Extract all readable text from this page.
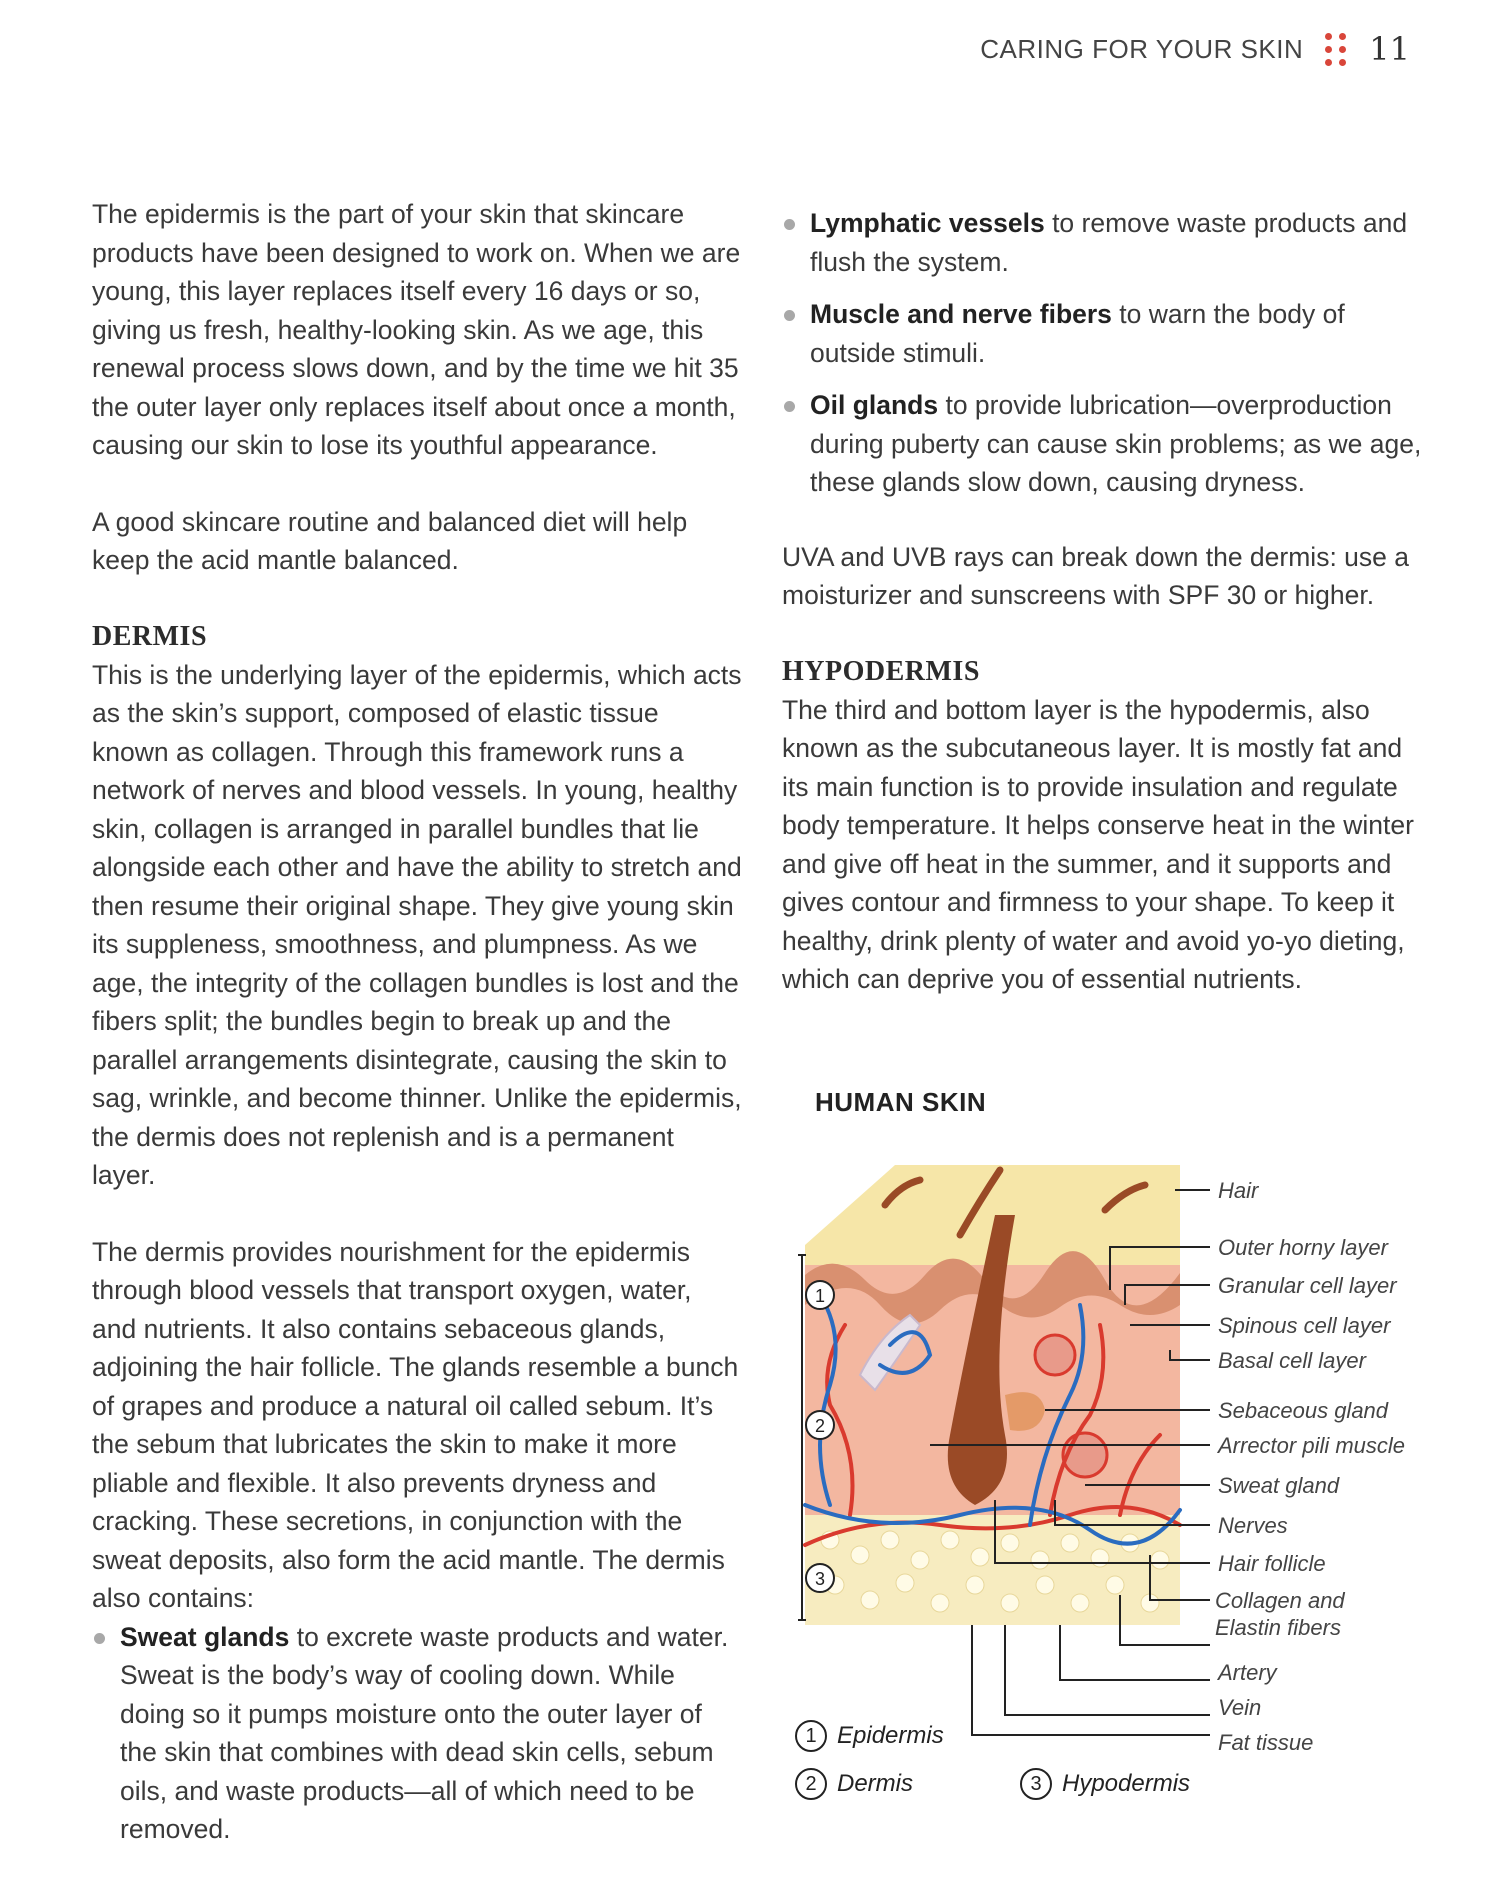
CARING FOR YOUR SKIN 11

The epidermis is the part of your skin that skincare products have been designed to work on. When we are young, this layer replaces itself every 16 days or so, giving us fresh, healthy-looking skin. As we age, this renewal process slows down, and by the time we hit 35 the outer layer only replaces itself about once a month, causing our skin to lose its youthful appearance.

A good skincare routine and balanced diet will help keep the acid mantle balanced.

DERMIS

This is the underlying layer of the epidermis, which acts as the skin’s support, composed of elastic tissue known as collagen. Through this framework runs a network of nerves and blood vessels. In young, healthy skin, collagen is arranged in parallel bundles that lie alongside each other and have the ability to stretch and then resume their original shape. They give young skin its suppleness, smoothness, and plumpness. As we age, the integrity of the collagen bundles is lost and the fibers split; the bundles begin to break up and the parallel arrangements disintegrate, causing the skin to sag, wrinkle, and become thinner. Unlike the epidermis, the dermis does not replenish and is a permanent layer.

The dermis provides nourishment for the epidermis through blood vessels that transport oxygen, water, and nutrients. It also contains sebaceous glands, adjoining the hair follicle. The glands resemble a bunch of grapes and produce a natural oil called sebum. It’s the sebum that lubricates the skin to make it more pliable and flexible. It also prevents dryness and cracking. These secretions, in conjunction with the sweat deposits, also form the acid mantle. The dermis also contains:

Sweat glands to excrete waste products and water. Sweat is the body’s way of cooling down. While doing so it pumps moisture onto the outer layer of the skin that combines with dead skin cells, sebum oils, and waste products—all of which need to be removed.
Lymphatic vessels to remove waste products and flush the system.
Muscle and nerve fibers to warn the body of outside stimuli.
Oil glands to provide lubrication—overproduction during puberty can cause skin problems; as we age, these glands slow down, causing dryness.

UVA and UVB rays can break down the dermis: use a moisturizer and sunscreens with SPF 30 or higher.

HYPODERMIS

The third and bottom layer is the hypodermis, also known as the subcutaneous layer. It is mostly fat and its main function is to provide insulation and regulate body temperature. It helps conserve heat in the winter and give off heat in the summer, and it supports and gives contour and firmness to your shape. To keep it healthy, drink plenty of water and avoid yo-yo dieting, which can deprive you of essential nutrients.

HUMAN SKIN
1
2
3
Hair
Outer horny layer
Granular cell layer
Spinous cell layer
Basal cell layer
Sebaceous gland
Arrector pili muscle
Sweat gland
Nerves
Hair follicle
Collagen and
Elastin fibers
Artery
Vein
Fat tissue
1 Epidermis
2 Dermis	3 Hypodermis
